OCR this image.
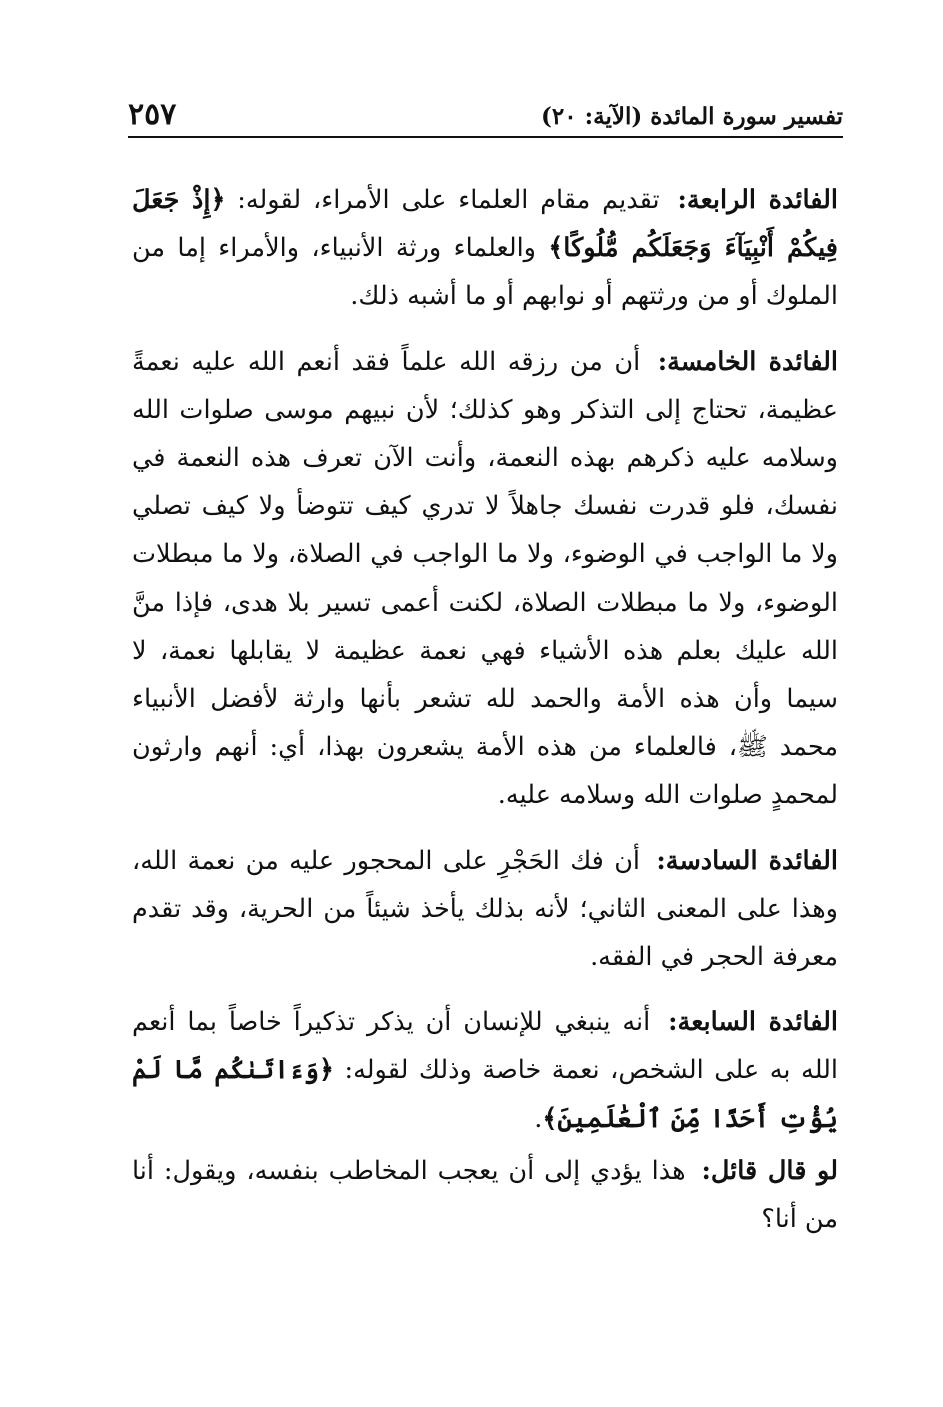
تفسير سورة المائدة (الآية: ٢٠)
٢٥٧

الفائدة الرابعة: تقديم مقام العلماء على الأمراء، لقوله: ﴿إِذْ جَعَلَ فِيكُمْ أَنْبِيَآءَ وَجَعَلَكُم مُّلُوكًا﴾ والعلماء ورثة الأنبياء، والأمراء إما من الملوك أو من ورثتهم أو نوابهم أو ما أشبه ذلك.

الفائدة الخامسة: أن من رزقه الله علماً فقد أنعم الله عليه نعمةً عظيمة، تحتاج إلى التذكر وهو كذلك؛ لأن نبيهم موسى صلوات الله وسلامه عليه ذكرهم بهذه النعمة، وأنت الآن تعرف هذه النعمة في نفسك، فلو قدرت نفسك جاهلاً لا تدري كيف تتوضأ ولا كيف تصلي ولا ما الواجب في الوضوء، ولا ما الواجب في الصلاة، ولا ما مبطلات الوضوء، ولا ما مبطلات الصلاة، لكنت أعمى تسير بلا هدى، فإذا منَّ الله عليك بعلم هذه الأشياء فهي نعمة عظيمة لا يقابلها نعمة، لا سيما وأن هذه الأمة والحمد لله تشعر بأنها وارثة لأفضل الأنبياء محمد ﷺ، فالعلماء من هذه الأمة يشعرون بهذا، أي: أنهم وارثون لمحمدٍ صلوات الله وسلامه عليه.

الفائدة السادسة: أن فك الحَجْرِ على المحجور عليه من نعمة الله، وهذا على المعنى الثاني؛ لأنه بذلك يأخذ شيئاً من الحرية، وقد تقدم معرفة الحجر في الفقه.

الفائدة السابعة: أنه ينبغي للإنسان أن يذكر تذكيراً خاصاً بما أنعم الله به على الشخص، نعمة خاصة وذلك لقوله: ﴿وَءَاتَىٰكُم مَّا لَمْ يُؤْتِ أَحَدًا مِّنَ ٱلْعَٰلَمِينَ﴾.

لو قال قائل: هذا يؤدي إلى أن يعجب المخاطب بنفسه، ويقول: أنا من أنا؟
